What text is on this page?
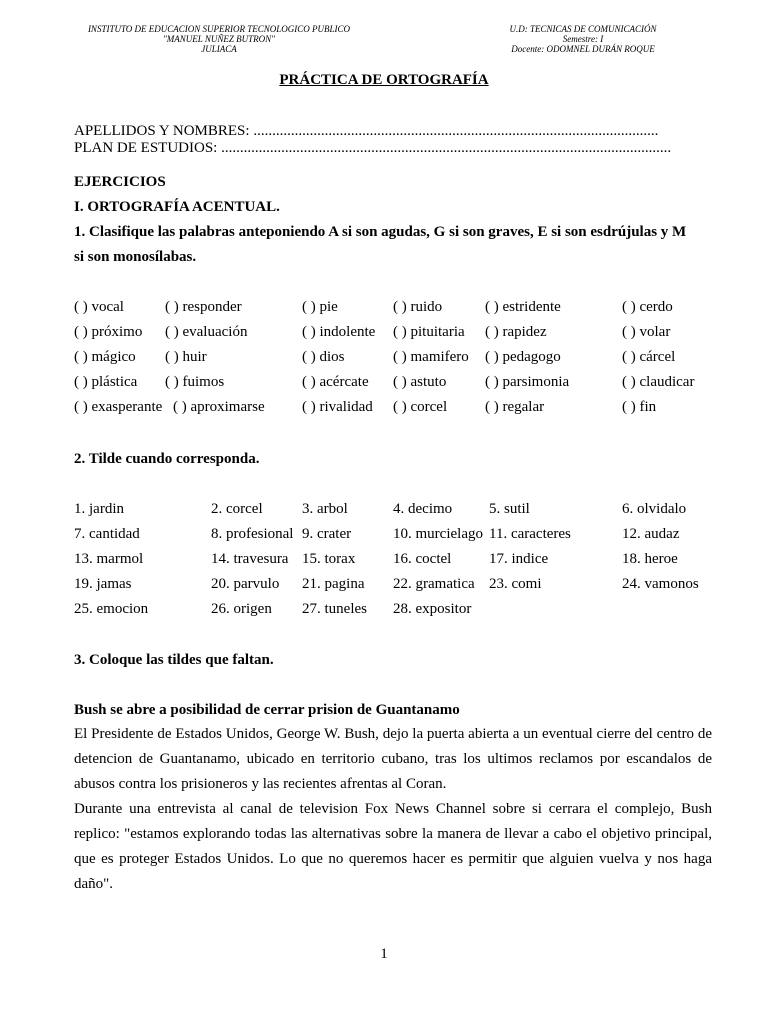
INSTITUTO DE EDUCACION SUPERIOR TECNOLOGICO PUBLICO
"MANUEL NUÑEZ BUTRON"
JULIACA
U.D: TECNICAS DE COMUNICACIÓN
Semestre: I
Docente: ODOMNEL DURÁN ROQUE
PRÁCTICA DE ORTOGRAFÍA
APELLIDOS Y NOMBRES: ............................................................................................................
PLAN DE ESTUDIOS: ........................................................................................................................
EJERCICIOS
I. ORTOGRAFÍA ACENTUAL.
1. Clasifique las palabras anteponiendo A si son agudas, G si son graves, E si son esdrújulas y M
si son monosílabas.
( ) vocal	( ) responder	( ) pie	( ) ruido	( ) estridente	( ) cerdo
( ) próximo ( ) evaluación	( ) indolente ( ) pituitaria ( ) rapidez	( ) volar
( ) mágico ( ) huir	( ) dios	( ) mamifero ( ) pedagogo	( ) cárcel
( ) plástica ( ) fuimos	( ) acércate ( ) astuto	( ) parsimonia	( ) claudicar
( ) exasperante ( ) aproximarse ( ) rivalidad ( ) corcel	( ) regalar	( ) fin
2. Tilde cuando corresponda.
1. jardin	2. corcel	3. arbol	4. decimo 5. sutil	6. olvidalo
7. cantidad	8. profesional 9. crater	10. murcielago 11. caracteres	12. audaz
13. marmol	14. travesura 15. torax	16. coctel	17. indice	18. heroe
19. jamas	20. parvulo 21. pagina 22. gramatica 23. comi	24. vamonos
25. emocion	26. origen 27. tuneles 28. expositor
3. Coloque las tildes que faltan.
Bush se abre a posibilidad de cerrar prision de Guantanamo

El Presidente de Estados Unidos, George W. Bush, dejo la puerta abierta a un eventual cierre del centro de detencion de Guantanamo, ubicado en territorio cubano, tras los ultimos reclamos por escandalos de abusos contra los prisioneros y las recientes afrentas al Coran.

Durante una entrevista al canal de television Fox News Channel sobre si cerrara el complejo, Bush replico: "estamos explorando todas las alternativas sobre la manera de llevar a cabo el objetivo principal, que es proteger Estados Unidos. Lo que no queremos hacer es permitir que alguien vuelva y nos haga daño".

1
